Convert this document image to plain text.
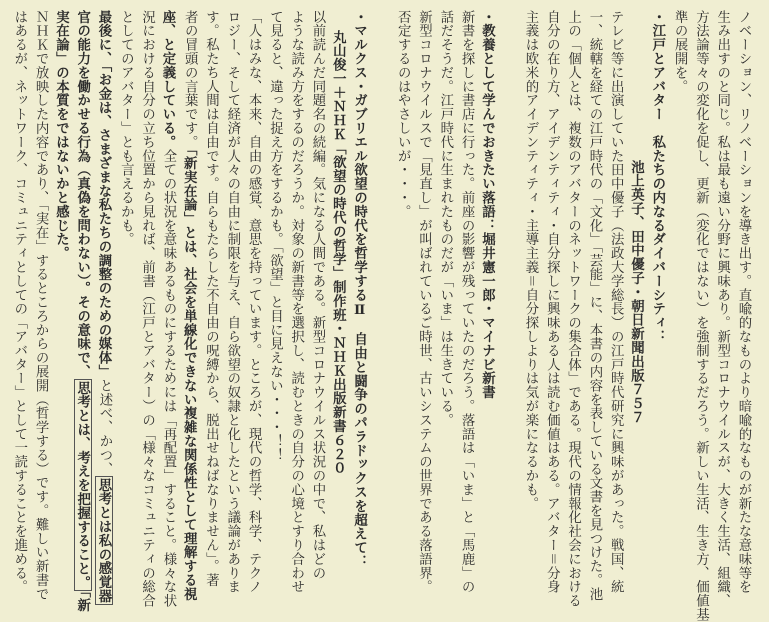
ノベーション、リノベーションを導き出す。直喩的なものより暗喩的なものが新たな意味等を
生み出すのと同じ。私は最も遠い分野に興味あり。新型コロナウイルスが、大きく生活、組織、
方法論等々の変化を促し、更新（変化ではない）を強制するだろう。新しい生活、生き方、価値基
準の展開を。
・江戸とアバター　私たちの内なるダイバーシティ：
池上英子、田中優子・朝日新聞出版７５７
テレビ等に出演していた田中優子（法政大学総長）の江戸時代研究に興味があった。戦国、統
一、統轄を経ての江戸時代の「文化」「芸能」に、本書の内容を表している文書を見つけた。池
上の「個人とは、複数のアバターのネットワークの集合体」である。現代の情報化社会における
自分の在り方、アイデンティティ・自分探しに興味ある人は読む価値はある。アバター＝分身
主義は欧米的アイデンティティ・主導主義＝自分探しよりは気が楽になるかも。
・教養として学んでおきたい落語：堀井憲一郎・マイナビ新書
新書を探しに書店に行った。前座の影響が残っていたのだろう。落語は「いま」と「馬鹿」の
話だそうだ。江戸時代に生まれたものだが「いま」は生きている。
新型コロナウイルスで「見直し」が叫ばれているご時世、古いシステムの世界である落語界。
否定するのはやさしいが・・・。
・マルクス・ガブリエル欲望の時代を哲学するⅡ　自由と闘争のパラドックスを超えて：
丸山俊一＋ＮＨＫ「欲望の時代の哲学」制作班・ＮＨＫ出版新書６２０
以前読んだ同題名の続編。気になる人間である。新型コロナウイルス状況の中で、私はどの
ような読み方をするのだろうか。対象の新書等を選択し、読むときの自分の心境とすり合わせ
て見ると、違った捉え方をするかも。「欲望」と目に見えない・・・！！
「人はみな、本来、自由の感覚、意思を持っています。ところが、現代の哲学、科学、テクノ
ロジー、そして経済が人々の自由に制限を与え、自ら欲望の奴隷と化したという議論がありま
す。私たち人間は自由です。自らもたらした不自由の呪縛から、脱出せねばなりません」。著
者の冒頭の言葉です。「新実在論」とは、社会を単線化できない複雑な関係性として理解する視
座、と定義している。全ての状況を意味あるものにするためには「再配置」すること。様々な状
況における自分の立ち位置から見れば、前書（江戸とアバター）の「様々なコミュニティの総合
としてのアバター」とも言えるかも。
最後に、「お金は、さまざまな私たちの調整のための媒体」と述べ、かつ、思考とは私の感覚器
官の能力を働かせる行為（真偽を問わない）。その意味で、思考とは、考えを把握すること。「新
実在論」の本質をではないかと感じた。
ＮＨＫで放映した内容であり、「実在」するところからの展開（哲学する）です。難しい新書で
はあるが、ネットワーク、コミュニティとしての「アバター」として一読することを進める。
